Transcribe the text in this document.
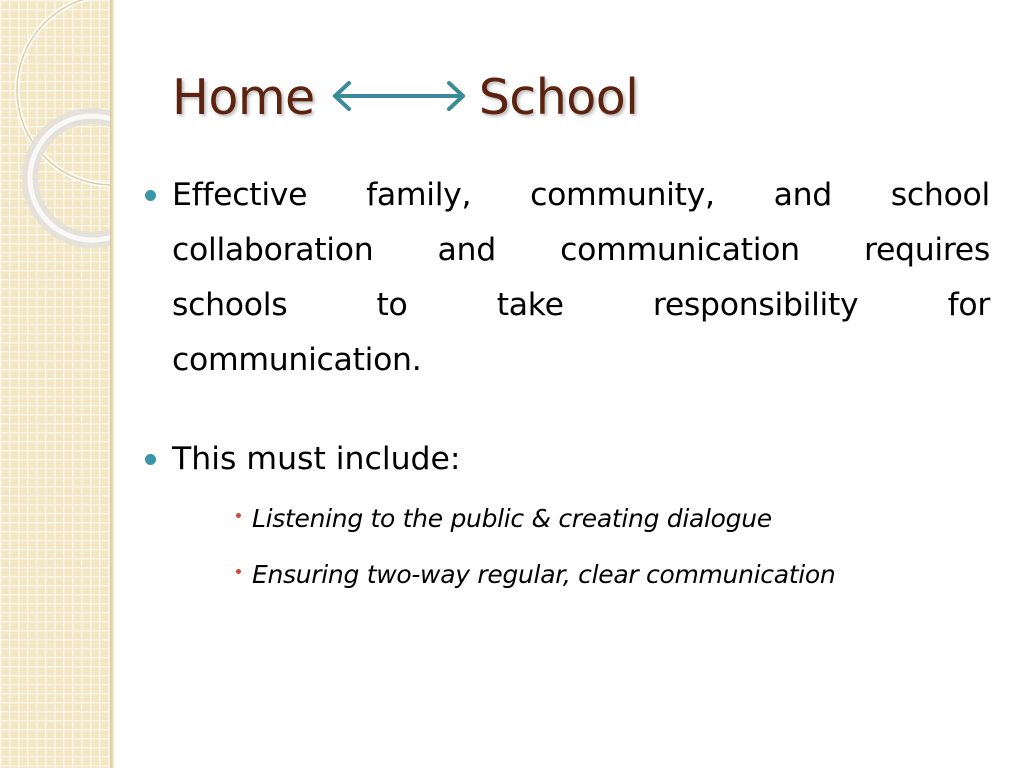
Home	School
Effective family, community, and school
collaboration and communication requires
schools to take responsibility for
communication.
This must include:
Listening to the public & creating dialogue
Ensuring two-way regular, clear communication
